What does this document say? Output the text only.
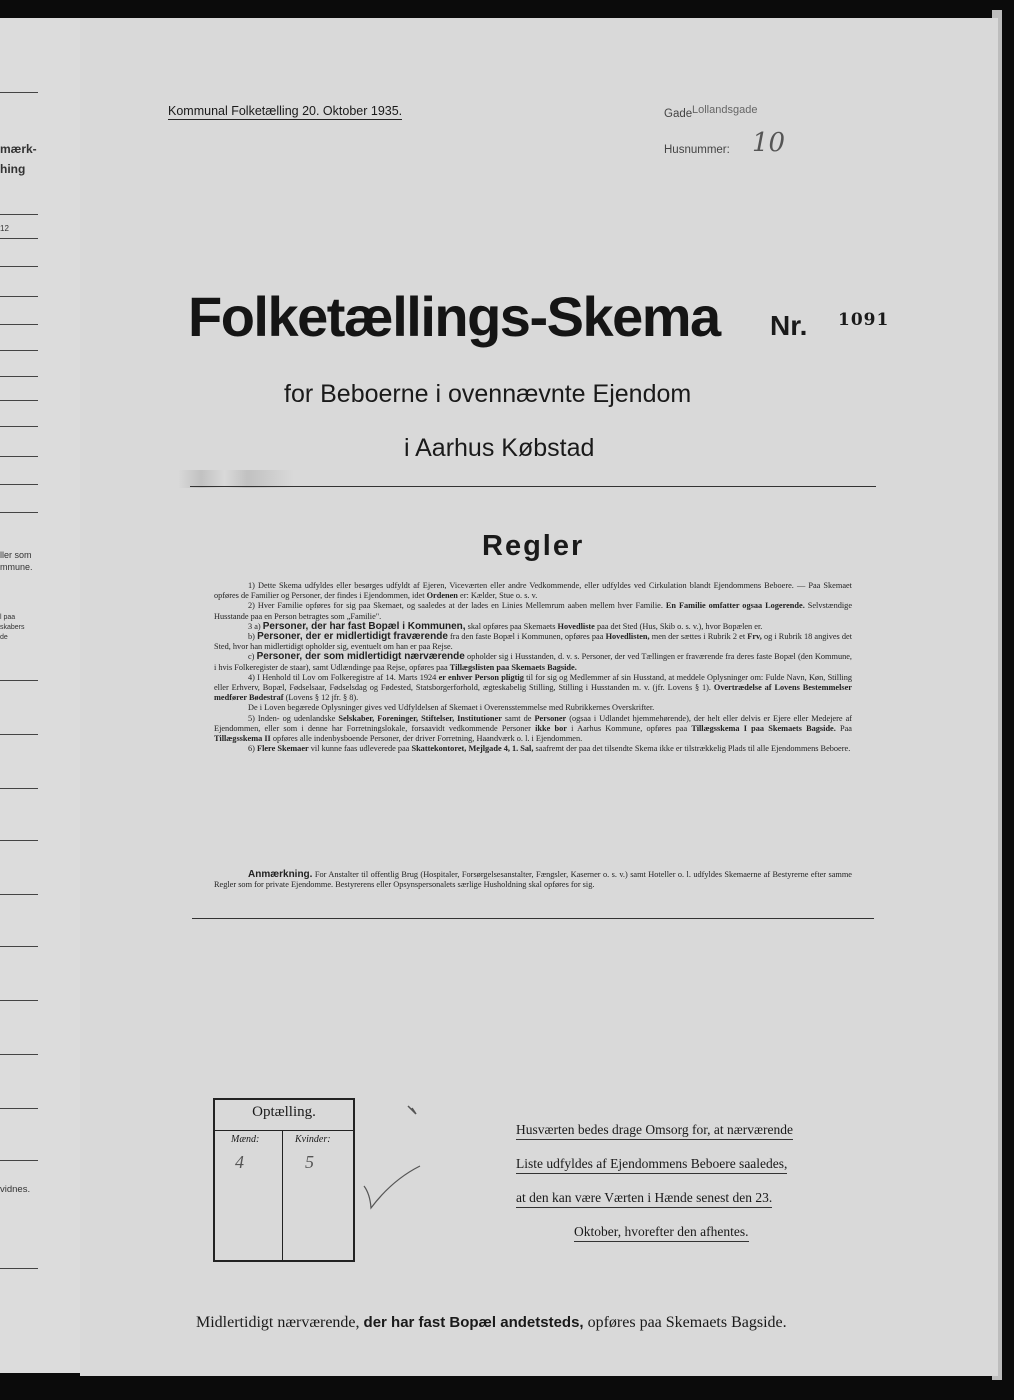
mærk-
hing
12
ller som
mmune.
l paa
skabers
de
vidnes.
Kommunal Folketælling 20. Oktober 1935.	Gade Lollandsgade
Husnummer: 10
Folketællings-Skema Nr. 1091
for Beboerne i ovennævnte Ejendom
i Aarhus Købstad
Regler

1) Dette Skema udfyldes eller besørges udfyldt af Ejeren, Viceværten eller andre Vedkommende, eller udfyldes ved Cirkulation blandt Ejendommens Beboere. — Paa Skemaet opføres de Familier og Personer, der findes i Ejendommen, idet Ordenen er: Kælder, Stue o. s. v.

2) Hver Familie opføres for sig paa Skemaet, og saaledes at der lades en Linies Mellemrum aaben mellem hver Familie. En Familie omfatter ogsaa Logerende. Selvstændige Husstande paa en Person betragtes som „Familie".

3 a) Personer, der har fast Bopæl i Kommunen, skal opføres paa Skemaets Hovedliste paa det Sted (Hus, Skib o. s. v.), hvor Bopælen er.

b) Personer, der er midlertidigt fraværende fra den faste Bopæl i Kommunen, opføres paa Hovedlisten, men der sættes i Rubrik 2 et Frv, og i Rubrik 18 angives det Sted, hvor han midlertidigt opholder sig, eventuelt om han er paa Rejse.

c) Personer, der som midlertidigt nærværende opholder sig i Husstanden, d. v. s. Personer, der ved Tællingen er fraværende fra deres faste Bopæl (den Kommune, i hvis Folkeregister de staar), samt Udlændinge paa Rejse, opføres paa Tillægslisten paa Skemaets Bagside.

4) I Henhold til Lov om Folkeregistre af 14. Marts 1924 er enhver Person pligtig til for sig og Medlemmer af sin Husstand, at meddele Oplysninger om: Fulde Navn, Køn, Stilling eller Erhverv, Bopæl, Fødselsaar, Fødselsdag og Fødested, Statsborgerforhold, ægteskabelig Stilling, Stilling i Husstanden m. v. (jfr. Lovens § 1). Overtrædelse af Lovens Bestemmelser medfører Bødestraf (Lovens § 12 jfr. § 8).

De i Loven begærede Oplysninger gives ved Udfyldelsen af Skemaet i Overensstemmelse med Rubrikkernes Overskrifter.

5) Inden- og udenlandske Selskaber, Foreninger, Stiftelser, Institutioner samt de Personer (ogsaa i Udlandet hjemmehørende), der helt eller delvis er Ejere eller Medejere af Ejendommen, eller som i denne har Forretningslokale, forsaavidt vedkommende Personer ikke bor i Aarhus Kommune, opføres paa Tillægsskema I paa Skemaets Bagside. Paa Tillægsskema II opføres alle indenbysboende Personer, der driver Forretning, Haandværk o. l. i Ejendommen.

6) Flere Skemaer vil kunne faas udleverede paa Skattekontoret, Mejlgade 4, 1. Sal, saafremt der paa det tilsendte Skema ikke er tilstrækkelig Plads til alle Ejendommens Beboere.

Anmærkning. For Anstalter til offentlig Brug (Hospitaler, Forsørgelsesanstalter, Fængsler, Kaserner o. s. v.) samt Hoteller o. l. udfyldes Skemaerne af Bestyrerne efter samme Regler som for private Ejendomme. Bestyrerens eller Opsynspersonalets særlige Husholdning skal opføres for sig.

Optælling.
Mænd:	Kvinder:
4	5
Husværten bedes drage Omsorg for, at nærværende
Liste udfyldes af Ejendommens Beboere saaledes,
at den kan være Værten i Hænde senest den 23.
Oktober, hvorefter den afhentes.
Midlertidigt nærværende, der har fast Bopæl andetsteds, opføres paa Skemaets Bagside.
